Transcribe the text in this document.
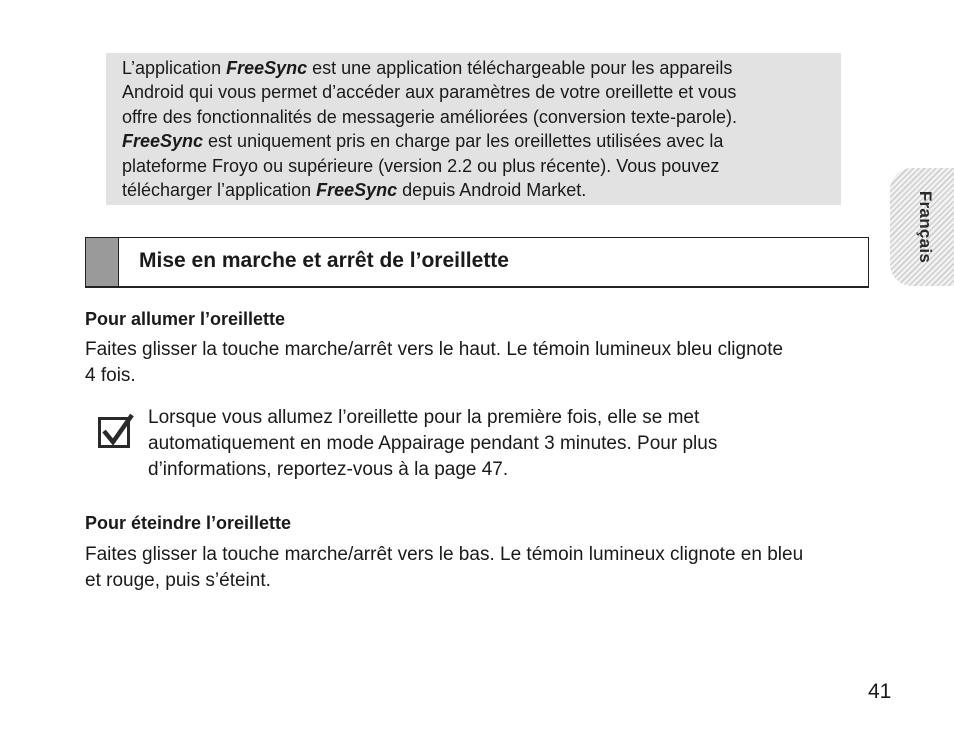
L’application FreeSync est une application téléchargeable pour les appareils

Android qui vous permet d’accéder aux paramètres de votre oreillette et vous

offre des fonctionnalités de messagerie améliorées (conversion texte-parole).

FreeSync est uniquement pris en charge par les oreillettes utilisées avec la

plateforme Froyo ou supérieure (version 2.2 ou plus récente). Vous pouvez

télécharger l’application FreeSync depuis Android Market.

Français
Mise en marche et arrêt de l’oreillette
Pour allumer l’oreillette

Faites glisser la touche marche/arrêt vers le haut. Le témoin lumineux bleu clignote
4 fois.

Lorsque vous allumez l’oreillette pour la première fois, elle se met
automatiquement en mode Appairage pendant 3 minutes. Pour plus
d’informations, reportez-vous à la page 47.

Pour éteindre l’oreillette

Faites glisser la touche marche/arrêt vers le bas. Le témoin lumineux clignote en bleu
et rouge, puis s’éteint.

41
